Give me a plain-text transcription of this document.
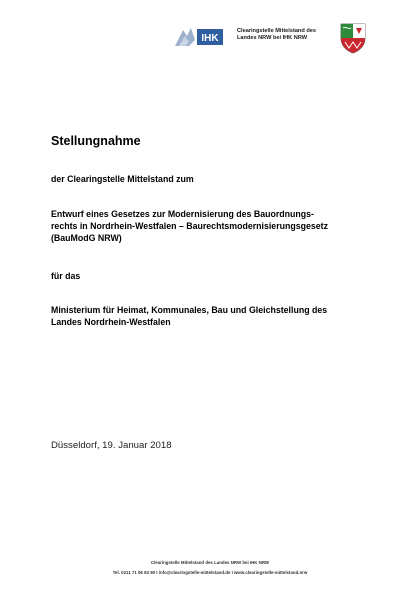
IHK
Clearingstelle Mittelstand des
Landes NRW bei IHK NRW
Stellungnahme
der Clearingstelle Mittelstand zum
Entwurf eines Gesetzes zur Modernisierung des Bauordnungs-
rechts in Nordrhein-Westfalen – Baurechtsmodernisierungsgesetz
(BauModG NRW)
für das
Ministerium für Heimat, Kommunales, Bau und Gleichstellung des
Landes Nordrhein-Westfalen
Düsseldorf, 19. Januar 2018
Clearingstelle Mittelstand des Landes NRW bei IHK NRW
Tel. 0211 71 06 63 90 I info@clearingstelle-mittelstand.de I www.clearingstelle-mittelstand.nrw
